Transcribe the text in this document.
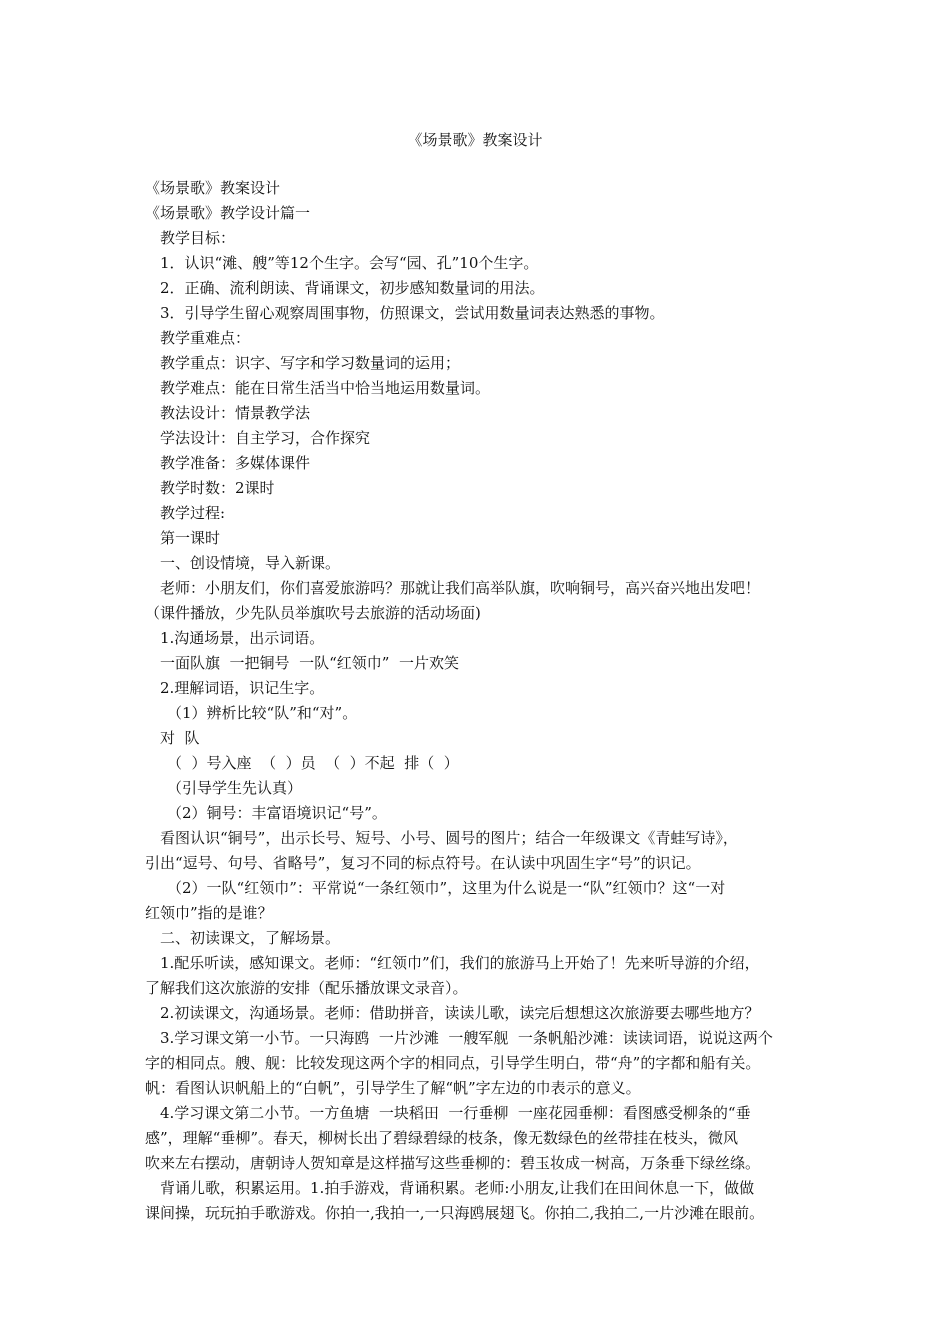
《场景歌》教案设计

《场景歌》教案设计

《场景歌》教学设计篇一

教学目标：

1．认识“滩、艘”等12个生字。会写“园、孔”10个生字。

2．正确、流利朗读、背诵课文，初步感知数量词的用法。

3．引导学生留心观察周围事物，仿照课文，尝试用数量词表达熟悉的事物。

教学重难点：

教学重点：识字、写字和学习数量词的运用；

教学难点：能在日常生活当中恰当地运用数量词。

教法设计：情景教学法

学法设计：自主学习，合作探究

教学准备：多媒体课件

教学时数：2课时

教学过程:

第一课时

一、创设情境，导入新课。

老师：小朋友们，你们喜爱旅游吗？那就让我们高举队旗，吹响铜号，高兴奋兴地出发吧！

（课件播放，少先队员举旗吹号去旅游的活动场面)

1.沟通场景，出示词语。

一面队旗  一把铜号  一队“红领巾”  一片欢笑

2.理解词语，识记生字。

（1）辨析比较“队”和“对”。

对  队

（  ）号入座  （  ）员  （  ）不起  排（  ）

（引导学生先认真）

（2）铜号：丰富语境识记“号”。

看图认识“铜号”，出示长号、短号、小号、圆号的图片；结合一年级课文《青蛙写诗》，

引出“逗号、句号、省略号”，复习不同的标点符号。在认读中巩固生字“号”的识记。

（2）一队“红领巾”：平常说“一条红领巾”，这里为什么说是一“队”红领巾？这“一对

红领巾”指的是谁？

二、初读课文，了解场景。

1.配乐听读，感知课文。老师：“红领巾”们，我们的旅游马上开始了！先来听导游的介绍，

了解我们这次旅游的安排（配乐播放课文录音）。

2.初读课文，沟通场景。老师：借助拼音，读读儿歌，读完后想想这次旅游要去哪些地方？

3.学习课文第一小节。一只海鸥  一片沙滩  一艘军舰  一条帆船沙滩：读读词语，说说这两个

字的相同点。艘、舰：比较发现这两个字的相同点，引导学生明白，带“舟”的字都和船有关。

帆：看图认识帆船上的“白帆”，引导学生了解“帆”字左边的巾表示的意义。

4.学习课文第二小节。一方鱼塘  一块稻田  一行垂柳  一座花园垂柳：看图感受柳条的“垂

感”，理解“垂柳”。春天，柳树长出了碧绿碧绿的枝条，像无数绿色的丝带挂在枝头，微风

吹来左右摆动，唐朝诗人贺知章是这样描写这些垂柳的：碧玉妆成一树高，万条垂下绿丝绦。

背诵儿歌，积累运用。1.拍手游戏，背诵积累。老师:小朋友,让我们在田间休息一下，做做

课间操，玩玩拍手歌游戏。你拍一,我拍一,一只海鸥展翅飞。你拍二,我拍二,一片沙滩在眼前。
